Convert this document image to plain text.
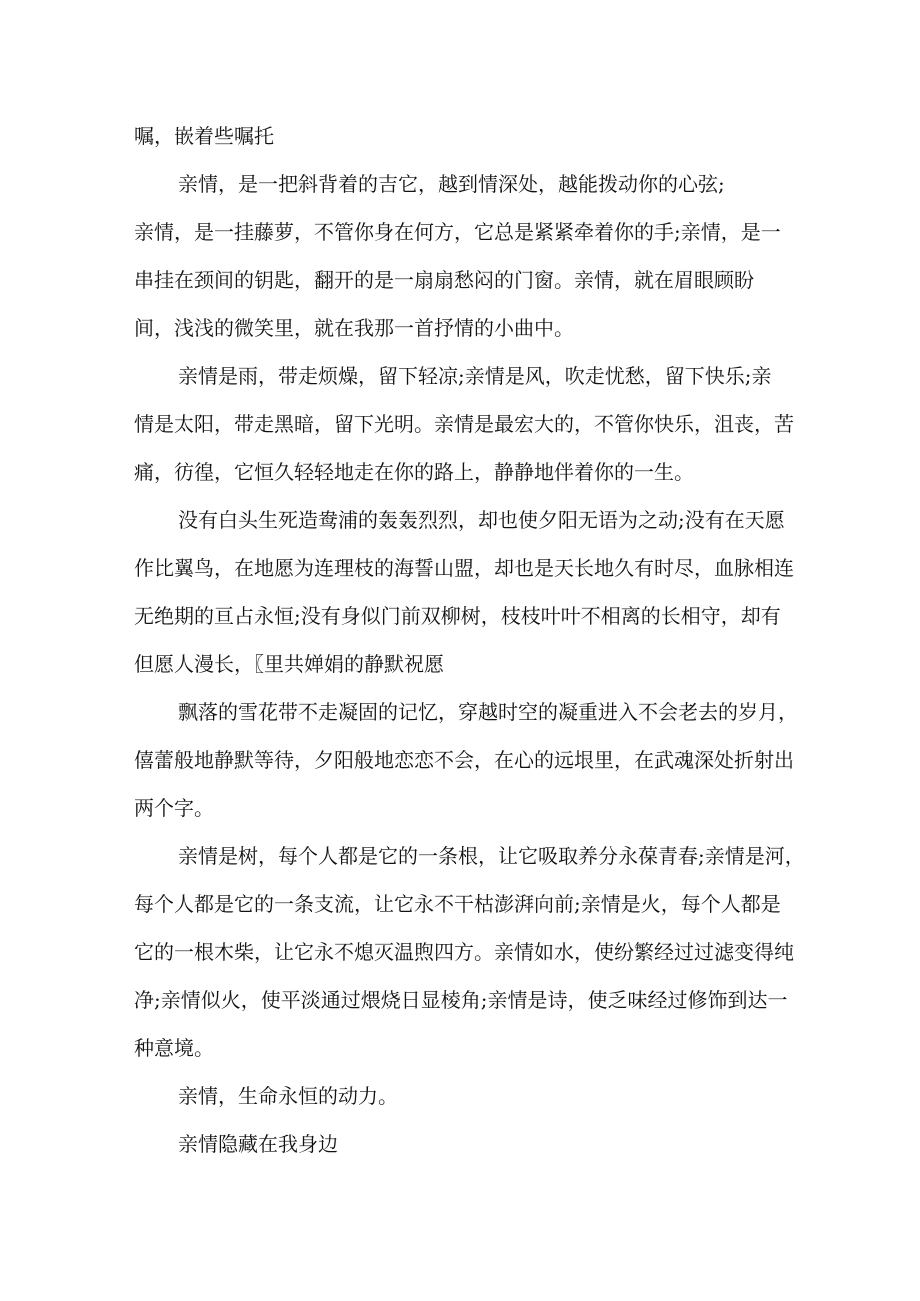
嘱，嵌着些嘱托
亲情，是一把斜背着的吉它，越到情深处，越能拨动你的心弦;
亲情，是一挂藤萝，不管你身在何方，它总是紧紧牵着你的手;亲情，是一
串挂在颈间的钥匙，翻开的是一扇扇愁闷的门窗。亲情，就在眉眼顾盼
间，浅浅的微笑里，就在我那一首抒情的小曲中。
亲情是雨，带走烦燥，留下轻凉;亲情是风，吹走忧愁，留下快乐;亲
情是太阳，带走黑暗，留下光明。亲情是最宏大的，不管你快乐，沮丧，苦
痛，彷徨，它恒久轻轻地走在你的路上，静静地伴着你的一生。
没有白头生死造鸯浦的轰轰烈烈，却也使夕阳无语为之动;没有在天愿
作比翼鸟，在地愿为连理枝的海誓山盟，却也是天长地久有时尽，血脉相连
无绝期的亘占永恒;没有身似门前双柳树，枝枝叶叶不相离的长相守，却有
但愿人漫长，〖里共婵娟的静默祝愿
飘落的雪花带不走凝固的记忆，穿越时空的凝重进入不会老去的岁月，
僖蕾般地静默等待，夕阳般地恋恋不会，在心的远垠里，在武魂深处折射出
两个字。
亲情是树，每个人都是它的一条根，让它吸取养分永葆青春;亲情是河，
每个人都是它的一条支流，让它永不干枯澎湃向前;亲情是火，每个人都是
它的一根木柴，让它永不熄灭温煦四方。亲情如水，使纷繁经过过滤变得纯
净;亲情似火，使平淡通过煨烧日显棱角;亲情是诗，使乏味经过修饰到达一
种意境。
亲情，生命永恒的动力。
亲情隐藏在我身边
